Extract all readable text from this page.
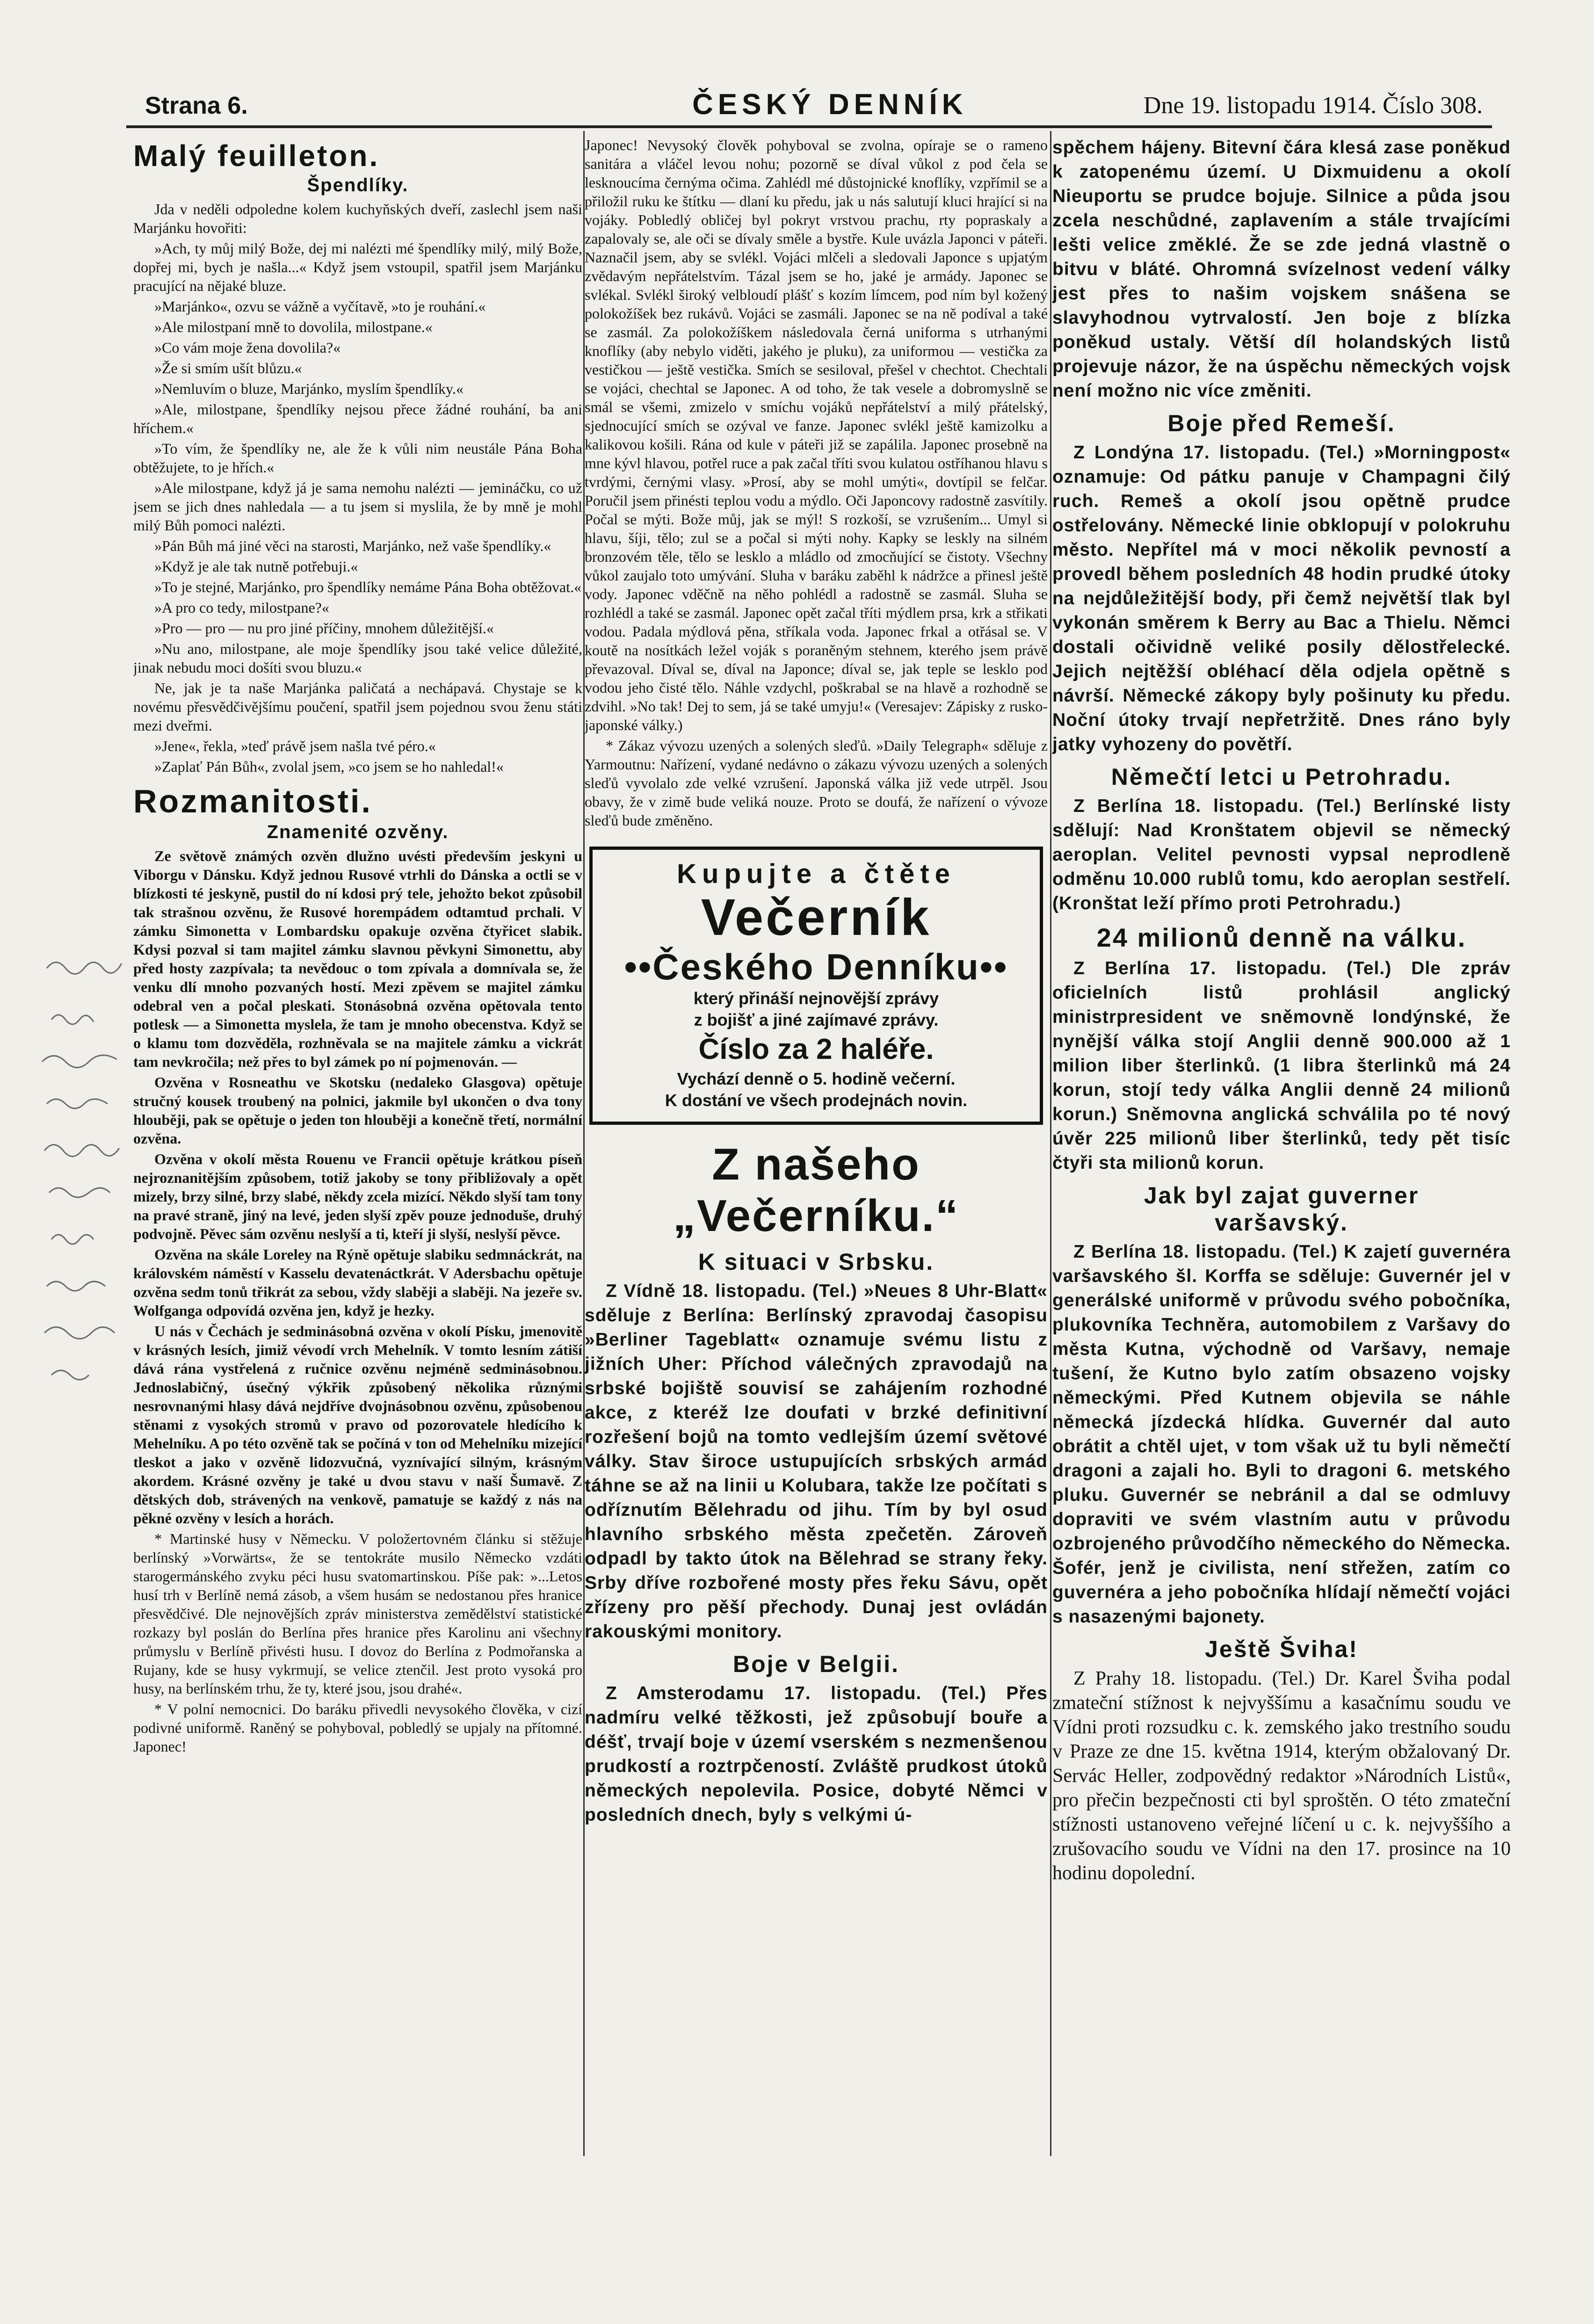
Strana 6.	ČESKÝ DENNÍK	Dne 19. listopadu 1914. Číslo 308.
Malý feuilleton.
Špendlíky.

Jda v neděli odpoledne kolem kuchyňských dveří, zaslechl jsem naši Marjánku hovořiti:

»Ach, ty můj milý Bože, dej mi nalézti mé špendlíky milý, milý Bože, dopřej mi, bych je našla...« Když jsem vstoupil, spatřil jsem Marjánku pracující na nějaké bluze.

»Marjánko«, ozvu se vážně a vyčítavě, »to je rouhání.«

»Ale milostpaní mně to dovolila, milostpane.«

»Co vám moje žena dovolila?«

»Že si smím ušít blůzu.«

»Nemluvím o bluze, Marjánko, myslím špendlíky.«

»Ale, milostpane, špendlíky nejsou přece žádné rouhání, ba ani hříchem.«

»To vím, že špendlíky ne, ale že k vůli nim neustále Pána Boha obtěžujete, to je hřích.«

»Ale milostpane, když já je sama nemohu nalézti — jemináčku, co už jsem se jich dnes nahledala — a tu jsem si myslila, že by mně je mohl milý Bůh pomoci nalézti.

»Pán Bůh má jiné věci na starosti, Marjánko, než vaše špendlíky.«

»Když je ale tak nutně potřebuji.«

»To je stejné, Marjánko, pro špendlíky nemáme Pána Boha obtěžovat.«

»A pro co tedy, milostpane?«

»Pro — pro — nu pro jiné příčiny, mnohem důležitější.«

»Nu ano, milostpane, ale moje špendlíky jsou také velice důležité, jinak nebudu moci došíti svou bluzu.«

Ne, jak je ta naše Marjánka paličatá a nechápavá. Chystaje se k novému přesvědčivějšímu poučení, spatřil jsem pojednou svou ženu státi mezi dveřmi.

»Jene«, řekla, »teď právě jsem našla tvé péro.«

»Zaplať Pán Bůh«, zvolal jsem, »co jsem se ho nahledal!«

Rozmanitosti.
Znamenité ozvěny.

Ze světově známých ozvěn dlužno uvésti především jeskyni u Viborgu v Dánsku. Když jednou Rusové vtrhli do Dánska a octli se v blízkosti té jeskyně, pustil do ní kdosi prý tele, jehožto bekot způsobil tak strašnou ozvěnu, že Rusové horempádem odtamtud prchali. V zámku Simonetta v Lombardsku opakuje ozvěna čtyřicet slabik. Kdysi pozval si tam majitel zámku slavnou pěvkyni Simonettu, aby před hosty zazpívala; ta nevědouc o tom zpívala a domnívala se, že venku dlí mnoho pozvaných hostí. Mezi zpěvem se majitel zámku odebral ven a počal pleskati. Stonásobná ozvěna opětovala tento potlesk — a Simonetta myslela, že tam je mnoho obecenstva. Když se o klamu tom dozvěděla, rozhněvala se na majitele zámku a vickrát tam nevkročila; než přes to byl zámek po ní pojmenován. —

Ozvěna v Rosneathu ve Skotsku (nedaleko Glasgova) opětuje stručný kousek troubený na polnici, jakmile byl ukončen o dva tony hlouběji, pak se opětuje o jeden ton hlouběji a konečně třetí, normální ozvěna.

Ozvěna v okolí města Rouenu ve Francii opětuje krátkou píseň nejroznanitějším způsobem, totiž jakoby se tony přibližovaly a opět mizely, brzy silné, brzy slabé, někdy zcela mizící. Někdo slyší tam tony na pravé straně, jiný na levé, jeden slyší zpěv pouze jednoduše, druhý podvojně. Pěvec sám ozvěnu neslyší a ti, kteří ji slyší, neslyší pěvce.

Ozvěna na skále Loreley na Rýně opětuje slabiku sedmnáckrát, na královském náměstí v Kasselu devatenáctkrát. V Adersbachu opětuje ozvěna sedm tonů třikrát za sebou, vždy slaběji a slaběji. Na jezeře sv. Wolfganga odpovídá ozvěna jen, když je hezky.

U nás v Čechách je sedminásobná ozvěna v okolí Písku, jmenovitě v krásných lesích, jimiž vévodí vrch Mehelník. V tomto lesním zátiší dává rána vystřelená z ručnice ozvěnu nejméně sedminásobnou. Jednoslabičný, úsečný výkřik způsobený několika různými nesrovnanými hlasy dává nejdříve dvojnásobnou ozvěnu, způsobenou stěnami z vysokých stromů v pravo od pozorovatele hledícího k Mehelníku. A po této ozvěně tak se počíná v ton od Mehelníku mizející tleskot a jako v ozvěně lidozvučná, vyznívající silným, krásným akordem. Krásné ozvěny je také u dvou stavu v naší Šumavě. Z dětských dob, strávených na venkově, pamatuje se každý z nás na pěkné ozvěny v lesích a horách.

* Martinské husy v Německu. V položertovném článku si stěžuje berlínský »Vorwärts«, že se tentokráte musilo Německo vzdáti starogermánského zvyku péci husu svatomartinskou. Píše pak: »...Letos husí trh v Berlíně nemá zásob, a všem husám se nedostanou přes hranice přesvědčivé. Dle nejnovějších zpráv ministerstva zemědělství statistické rozkazy byl poslán do Berlína přes hranice přes Karolinu ani všechny průmyslu v Berlíně přivésti husu. I dovoz do Berlína z Podmořanska a Rujany, kde se husy vykrmují, se velice ztenčil. Jest proto vysoká pro husy, na berlínském trhu, že ty, které jsou, jsou drahé«.

* V polní nemocnici. Do baráku přivedli nevysokého člověka, v cizí podivné uniformě. Raněný se pohyboval, pobledlý se upjaly na přítomné. Japonec!

Japonec! Nevysoký člověk pohyboval se zvolna, opíraje se o rameno sanitára a vláčel levou nohu; pozorně se díval vůkol z pod čela se lesknoucíma černýma očima. Zahlédl mé důstojnické knoflíky, vzpřímil se a přiložil ruku ke štítku — dlaní ku předu, jak u nás salutují kluci hrající si na vojáky. Pobledlý obličej byl pokryt vrstvou prachu, rty popraskaly a zapalovaly se, ale oči se dívaly směle a bystře. Kule uvázla Japonci v páteři. Naznačil jsem, aby se svlékl. Vojáci mlčeli a sledovali Japonce s upjatým zvědavým nepřátelstvím. Tázal jsem se ho, jaké je armády. Japonec se svlékal. Svlékl široký velbloudí plášť s kozím límcem, pod ním byl kožený polokožíšek bez rukávů. Vojáci se zasmáli. Japonec se na ně podíval a také se zasmál. Za polokožíškem následovala černá uniforma s utrhanými knoflíky (aby nebylo viděti, jakého je pluku), za uniformou — vestička za vestičkou — ještě vestička. Smích se sesiloval, přešel v chechtot. Chechtali se vojáci, chechtal se Japonec. A od toho, že tak vesele a dobromyslně se smál se všemi, zmizelo v smíchu vojáků nepřátelství a milý přátelský, sjednocující smích se ozýval ve fanze. Japonec svlékl ještě kamizolku a kalikovou košili. Rána od kule v páteři již se zapálila. Japonec prosebně na mne kývl hlavou, potřel ruce a pak začal tříti svou kulatou ostříhanou hlavu s tvrdými, černými vlasy. »Prosí, aby se mohl umýti«, dovtípil se felčar. Poručil jsem přinésti teplou vodu a mýdlo. Oči Japoncovy radostně zasvítily. Počal se mýti. Bože můj, jak se mýl! S rozkoší, se vzrušením... Umyl si hlavu, šíji, tělo; zul se a počal si mýti nohy. Kapky se leskly na silném bronzovém těle, tělo se lesklo a mládlo od zmocňující se čistoty. Všechny vůkol zaujalo toto umývání. Sluha v baráku zaběhl k nádržce a přinesl ještě vody. Japonec vděčně na něho pohlédl a radostně se zasmál. Sluha se rozhlédl a také se zasmál. Japonec opět začal tříti mýdlem prsa, krk a střikati vodou. Padala mýdlová pěna, stříkala voda. Japonec frkal a otřásal se. V koutě na nosítkách ležel voják s poraněným stehnem, kterého jsem právě převazoval. Díval se, díval na Japonce; díval se, jak teple se lesklo pod vodou jeho čisté tělo. Náhle vzdychl, poškrabal se na hlavě a rozhodně se zdvihl. »No tak! Dej to sem, já se také umyju!« (Veresajev: Zápisky z rusko-japonské války.)

* Zákaz vývozu uzených a solených sleďů. »Daily Telegraph« sděluje z Yarmoutnu: Nařízení, vydané nedávno o zákazu vývozu uzených a solených sleďů vyvolalo zde velké vzrušení. Japonská válka již vede utrpěl. Jsou obavy, že v zimě bude veliká nouze. Proto se doufá, že nařízení o vývoze sleďů bude změněno.

Kupujte a čtěte
Večerník
••Českého Denníku••
který přináší nejnovější zprávy
z bojišť a jiné zajímavé zprávy.
Číslo za 2 haléře.
Vychází denně o 5. hodině večerní.
K dostání ve všech prodejnách novin.
Z našeho „Večerníku.“
K situaci v Srbsku.

Z Vídně 18. listopadu. (Tel.) »Neues 8 Uhr-Blatt« sděluje z Berlína: Berlínský zpravodaj časopisu »Berliner Tageblatt« oznamuje svému listu z jižních Uher: Příchod válečných zpravodajů na srbské bojiště souvisí se zahájením rozhodné akce, z kteréž lze doufati v brzké definitivní rozřešení bojů na tomto vedlejším území světové války. Stav široce ustupujících srbských armád táhne se až na linii u Kolubara, takže lze počítati s odříznutím Bělehradu od jihu. Tím by byl osud hlavního srbského města zpečetěn. Zároveň odpadl by takto útok na Bělehrad se strany řeky. Srby dříve rozbořené mosty přes řeku Sávu, opět zřízeny pro pěší přechody. Dunaj jest ovládán rakouskými monitory.

Boje v Belgii.

Z Amsterodamu 17. listopadu. (Tel.) Přes nadmíru velké těžkosti, jež způsobují bouře a déšť, trvají boje v území vserském s nezmenšenou prudkostí a roztrpčeností. Zvláště prudkost útoků německých nepolevila. Posice, dobyté Němci v posledních dnech, byly s velkými ú-

spěchem hájeny. Bitevní čára klesá zase poněkud k zatopenému území. U Dixmuidenu a okolí Nieuportu se prudce bojuje. Silnice a půda jsou zcela neschůdné, zaplavením a stále trvajícími lešti velice změklé. Že se zde jedná vlastně o bitvu v bláté. Ohromná svízelnost vedení války jest přes to našim vojskem snášena se slavyhodnou vytrvalostí. Jen boje z blízka poněkud ustaly. Větší díl holandských listů projevuje názor, že na úspěchu německých vojsk není možno nic více změniti.

Boje před Remeší.

Z Londýna 17. listopadu. (Tel.) »Morningpost« oznamuje: Od pátku panuje v Champagni čilý ruch. Remeš a okolí jsou opětně prudce ostřelovány. Německé linie obklopují v polokruhu město. Nepřítel má v moci několik pevností a provedl během posledních 48 hodin prudké útoky na nejdůležitější body, při čemž největší tlak byl vykonán směrem k Berry au Bac a Thielu. Němci dostali očividně veliké posily dělostřelecké. Jejich nejtěžší obléhací děla odjela opětně s návrší. Německé zákopy byly pošinuty ku předu. Noční útoky trvají nepřetržitě. Dnes ráno byly jatky vyhozeny do povětří.

Němečtí letci u Petrohradu.

Z Berlína 18. listopadu. (Tel.) Berlínské listy sdělují: Nad Kronštatem objevil se německý aeroplan. Velitel pevnosti vypsal neprodleně odměnu 10.000 rublů tomu, kdo aeroplan sestřelí. (Kronštat leží přímo proti Petrohradu.)

24 milionů denně na válku.

Z Berlína 17. listopadu. (Tel.) Dle zpráv oficielních listů prohlásil anglický ministrpresident ve sněmovně londýnské, že nynější válka stojí Anglii denně 900.000 až 1 milion liber šterlinků. (1 libra šterlinků má 24 korun, stojí tedy válka Anglii denně 24 milionů korun.) Sněmovna anglická schválila po té nový úvěr 225 milionů liber šterlinků, tedy pět tisíc čtyři sta milionů korun.

Jak byl zajat guverner
varšavský.

Z Berlína 18. listopadu. (Tel.) K zajetí guvernéra varšavského šl. Korffa se sděluje: Guvernér jel v generálské uniformě v průvodu svého pobočníka, plukovníka Techněra, automobilem z Varšavy do města Kutna, východně od Varšavy, nemaje tušení, že Kutno bylo zatím obsazeno vojsky německými. Před Kutnem objevila se náhle německá jízdecká hlídka. Guvernér dal auto obrátit a chtěl ujet, v tom však už tu byli němečtí dragoni a zajali ho. Byli to dragoni 6. metského pluku. Guvernér se nebránil a dal se odmluvy dopraviti ve svém vlastním autu v průvodu ozbrojeného průvodčího německého do Německa. Šofér, jenž je civilista, není střežen, zatím co guvernéra a jeho pobočníka hlídají němečtí vojáci s nasazenými bajonety.

Ještě Šviha!

Z Prahy 18. listopadu. (Tel.) Dr. Karel Šviha podal zmateční stížnost k nejvyššímu a kasačnímu soudu ve Vídni proti rozsudku c. k. zemského jako trestního soudu v Praze ze dne 15. května 1914, kterým obžalovaný Dr. Servác Heller, zodpovědný redaktor »Národních Listů«, pro přečin bezpečnosti cti byl sproštěn. O této zmateční stížnosti ustanoveno veřejné líčení u c. k. nejvyššího a zrušovacího soudu ve Vídni na den 17. prosince na 10 hodinu dopolední.
